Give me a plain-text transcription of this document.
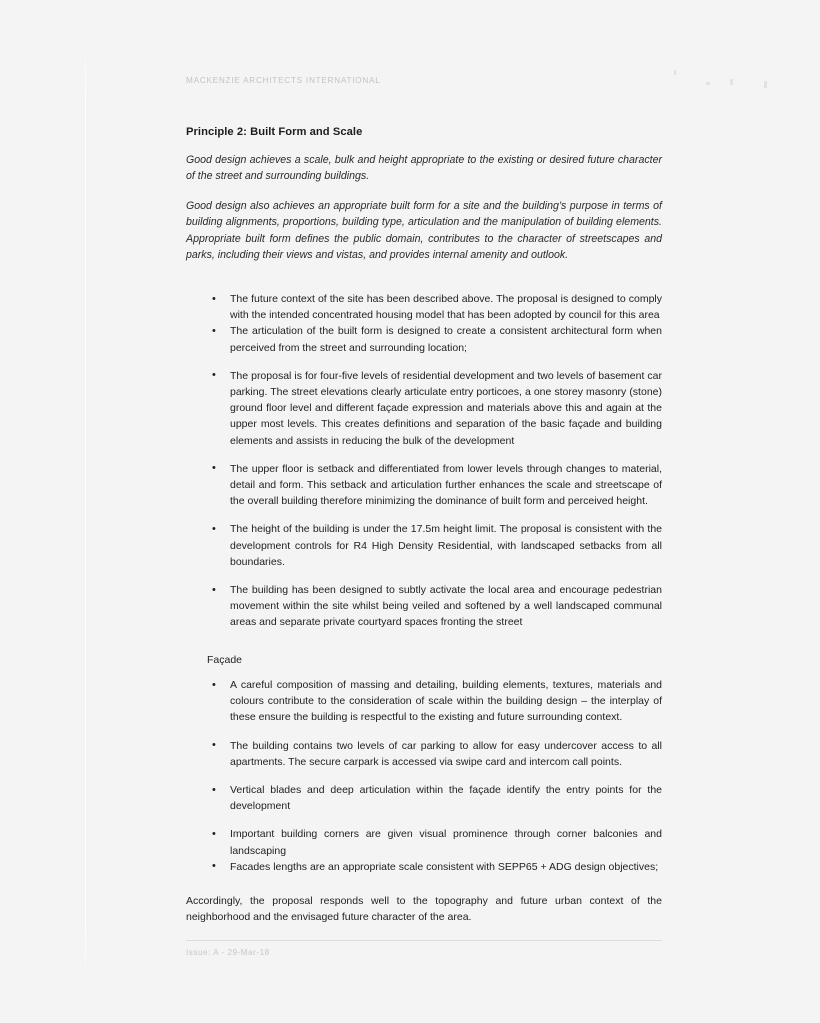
MACKENZIE ARCHITECTS INTERNATIONAL
Principle 2: Built Form and Scale

Good design achieves a scale, bulk and height appropriate to the existing or desired future character of the street and surrounding buildings.

Good design also achieves an appropriate built form for a site and the building’s purpose in terms of building alignments, proportions, building type, articulation and the manipulation of building elements. Appropriate built form defines the public domain, contributes to the character of streetscapes and parks, including their views and vistas, and provides internal amenity and outlook.

• The future context of the site has been described above. The proposal is designed to comply with the intended concentrated housing model that has been adopted by council for this area
• The articulation of the built form is designed to create a consistent architectural form when perceived from the street and surrounding location;
• The proposal is for four-five levels of residential development and two levels of basement car parking. The street elevations clearly articulate entry porticoes, a one storey masonry (stone) ground floor level and different façade expression and materials above this and again at the upper most levels. This creates definitions and separation of the basic façade and building elements and assists in reducing the bulk of the development
• The upper floor is setback and differentiated from lower levels through changes to material, detail and form. This setback and articulation further enhances the scale and streetscape of the overall building therefore minimizing the dominance of built form and perceived height.
• The height of the building is under the 17.5m height limit. The proposal is consistent with the development controls for R4 High Density Residential, with landscaped setbacks from all boundaries.
• The building has been designed to subtly activate the local area and encourage pedestrian movement within the site whilst being veiled and softened by a well landscaped communal areas and separate private courtyard spaces fronting the street
Façade
• A careful composition of massing and detailing, building elements, textures, materials and colours contribute to the consideration of scale within the building design – the interplay of these ensure the building is respectful to the existing and future surrounding context.
• The building contains two levels of car parking to allow for easy undercover access to all apartments. The secure carpark is accessed via swipe card and intercom call points.
• Vertical blades and deep articulation within the façade identify the entry points for the development
• Important building corners are given visual prominence through corner balconies and landscaping
• Facades lengths are an appropriate scale consistent with SEPP65 + ADG design objectives;

Accordingly, the proposal responds well to the topography and future urban context of the neighborhood and the envisaged future character of the area.

Issue: A - 29-Mar-18
